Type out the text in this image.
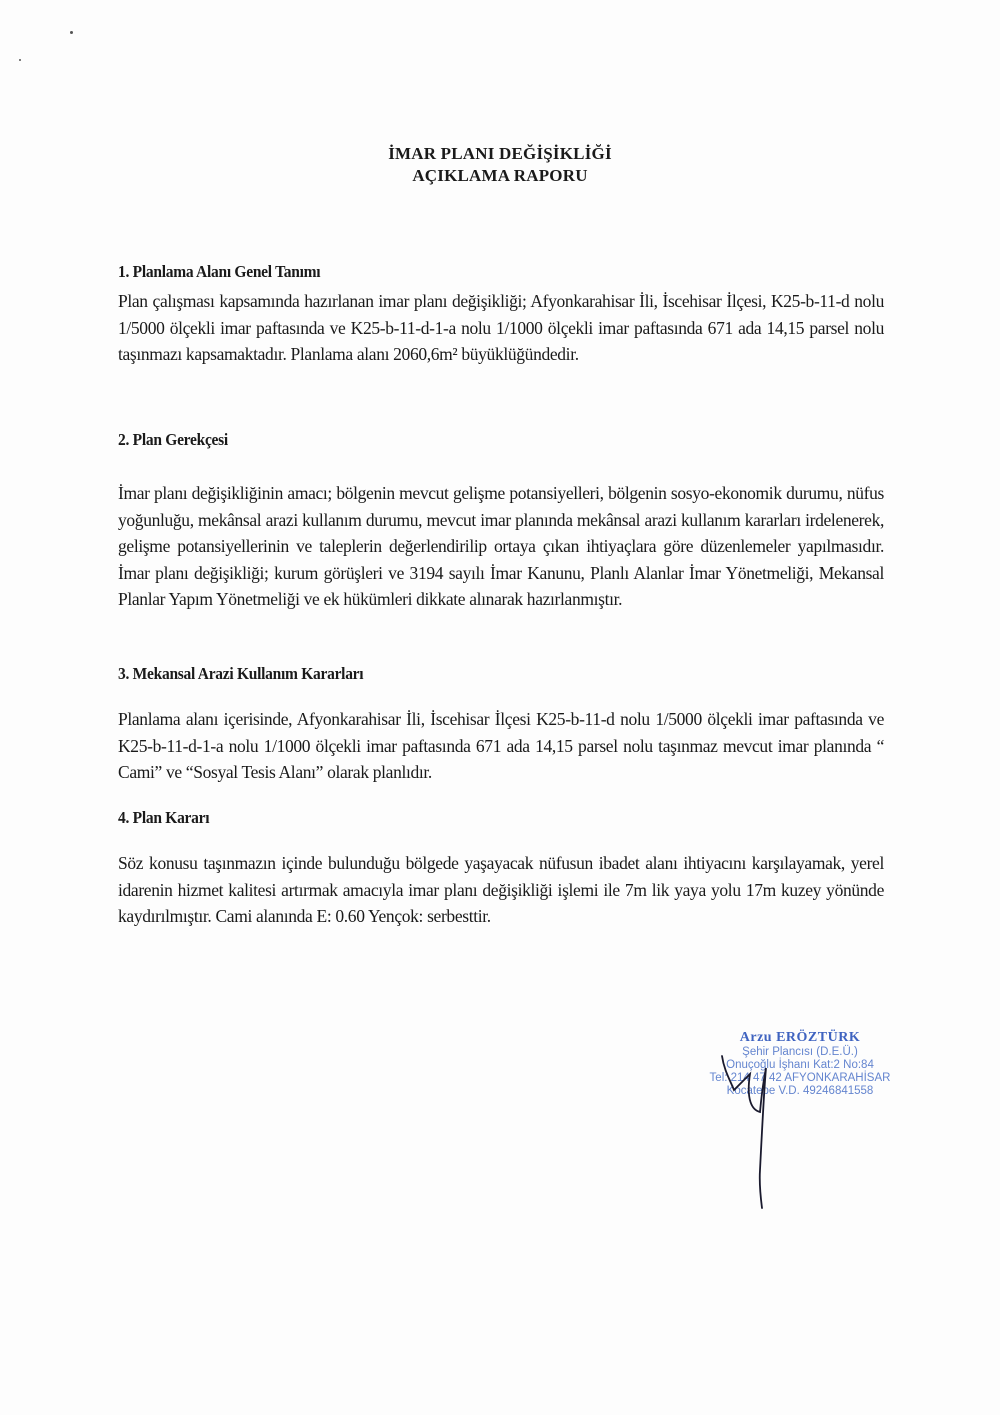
İMAR PLANI DEĞİŞİKLİĞİ
AÇIKLAMA RAPORU
1. Planlama Alanı Genel Tanımı
Plan çalışması kapsamında hazırlanan imar planı değişikliği; Afyonkarahisar İli, İscehisar İlçesi, K25-b-11-d nolu 1/5000 ölçekli imar paftasında ve K25-b-11-d-1-a nolu 1/1000 ölçekli imar paftasında 671 ada 14,15 parsel nolu taşınmazı kapsamaktadır. Planlama alanı 2060,6m² büyüklüğündedir.
2. Plan Gerekçesi
İmar planı değişikliğinin amacı; bölgenin mevcut gelişme potansiyelleri, bölgenin sosyo-ekonomik durumu, nüfus yoğunluğu, mekânsal arazi kullanım durumu, mevcut imar planında mekânsal arazi kullanım kararları irdelenerek, gelişme potansiyellerinin ve taleplerin değerlendirilip ortaya çıkan ihtiyaçlara göre düzenlemeler yapılmasıdır. İmar planı değişikliği; kurum görüşleri ve 3194 sayılı İmar Kanunu, Planlı Alanlar İmar Yönetmeliği, Mekansal Planlar Yapım Yönetmeliği ve ek hükümleri dikkate alınarak hazırlanmıştır.
3. Mekansal Arazi Kullanım Kararları
Planlama alanı içerisinde, Afyonkarahisar İli, İscehisar İlçesi K25-b-11-d nolu 1/5000 ölçekli imar paftasında ve K25-b-11-d-1-a nolu 1/1000 ölçekli imar paftasında 671 ada 14,15 parsel nolu taşınmaz mevcut imar planında “ Cami” ve “Sosyal Tesis Alanı” olarak planlıdır.
4. Plan Kararı
Söz konusu taşınmazın içinde bulunduğu bölgede yaşayacak nüfusun ibadet alanı ihtiyacını karşılayamak, yerel idarenin hizmet kalitesi artırmak amacıyla imar planı değişikliği işlemi ile 7m lik yaya yolu 17m kuzey yönünde kaydırılmıştır. Cami alanında E: 0.60 Yençok: serbesttir.
Arzu ERÖZTÜRK
Şehir Plancısı (D.E.Ü.)
Onuçoğlu İşhanı Kat:2 No:84
Tel: 214 47 42 AFYONKARAHİSAR
Kocatepe V.D. 49246841558
